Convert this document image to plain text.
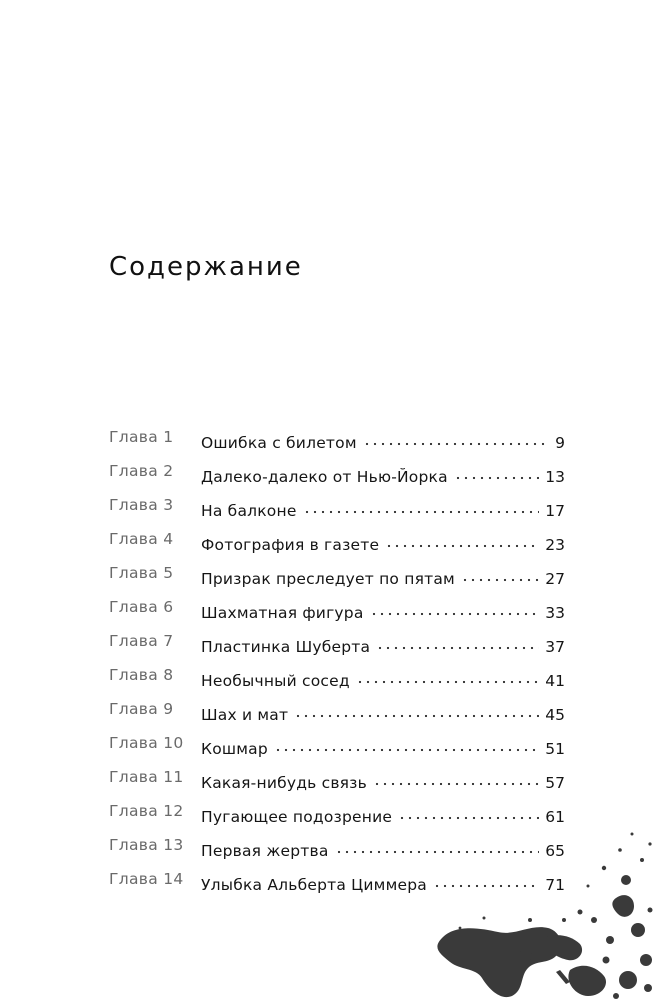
Содержание
Глава 1	Ошибка с билетом	9
Глава 2	Далеко-далеко от Нью-Йорка	13
Глава 3	На балконе	17
Глава 4	Фотография в газете	23
Глава 5	Призрак преследует по пятам	27
Глава 6	Шахматная фигура	33
Глава 7	Пластинка Шуберта	37
Глава 8	Необычный сосед	41
Глава 9	Шах и мат	45
Глава 10	Кошмар	51
Глава 11	Какая-нибудь связь	57
Глава 12	Пугающее подозрение	61
Глава 13	Первая жертва	65
Глава 14	Улыбка Альберта Циммера	71
